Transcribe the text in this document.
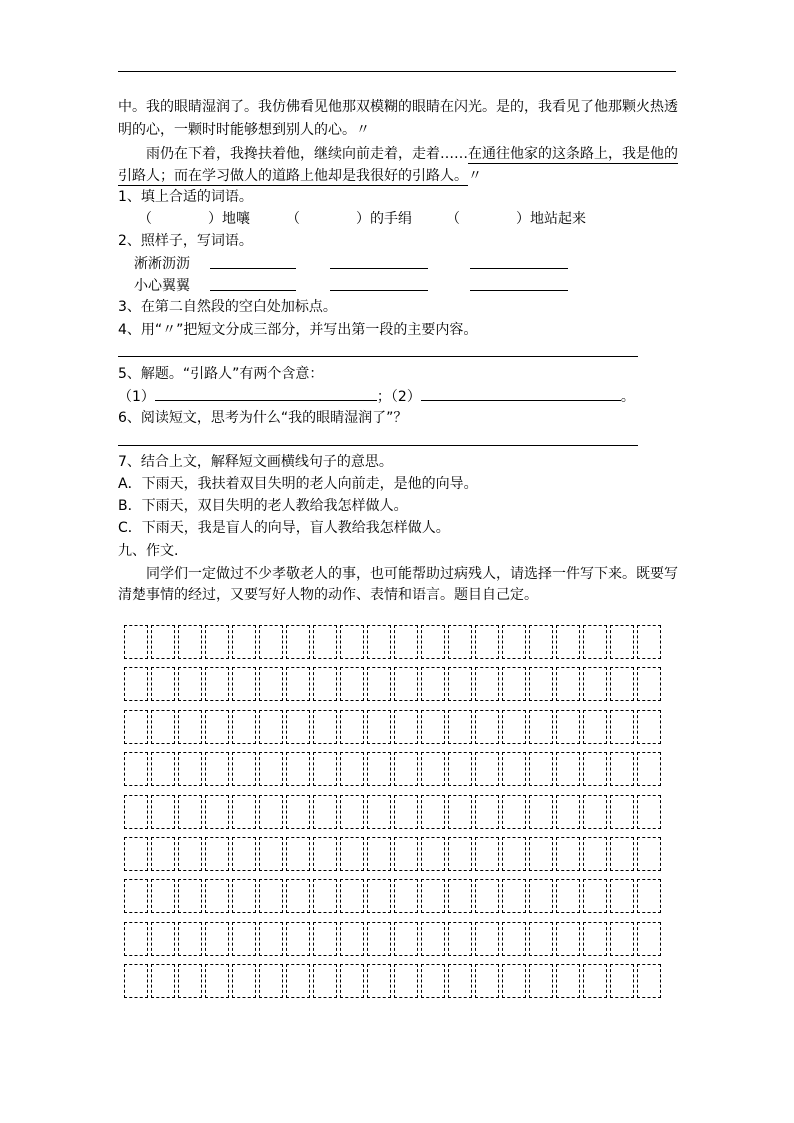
中。我的眼睛湿润了。我仿佛看见他那双模糊的眼睛在闪光。是的，我看见了他那颗火热透
明的心，一颗时时能够想到别人的心。〃
雨仍在下着，我搀扶着他，继续向前走着，走着……在通往他家的这条路上，我是他的
引路人；而在学习做人的道路上他却是我很好的引路人。〃
1、填上合适的词语。
（　　　　）地嚷	（　　　　）的手绢 （　　　　）地站起来
2、照样子，写词语。
淅淅沥沥
小心翼翼
3、在第二自然段的空白处加标点。
4、用“〃”把短文分成三部分，并写出第一段的主要内容。
5、解题。“引路人”有两个含意：
（1）	；（2）	。
6、阅读短文，思考为什么“我的眼睛湿润了”？
7、结合上文，解释短文画横线句子的意思。
A．下雨天，我扶着双目失明的老人向前走，是他的向导。
B．下雨天，双目失明的老人教给我怎样做人。
C．下雨天，我是盲人的向导，盲人教给我怎样做人。
九、作文.
同学们一定做过不少孝敬老人的事，也可能帮助过病残人，请选择一件写下来。既要写
清楚事情的经过，又要写好人物的动作、表情和语言。题目自己定。
